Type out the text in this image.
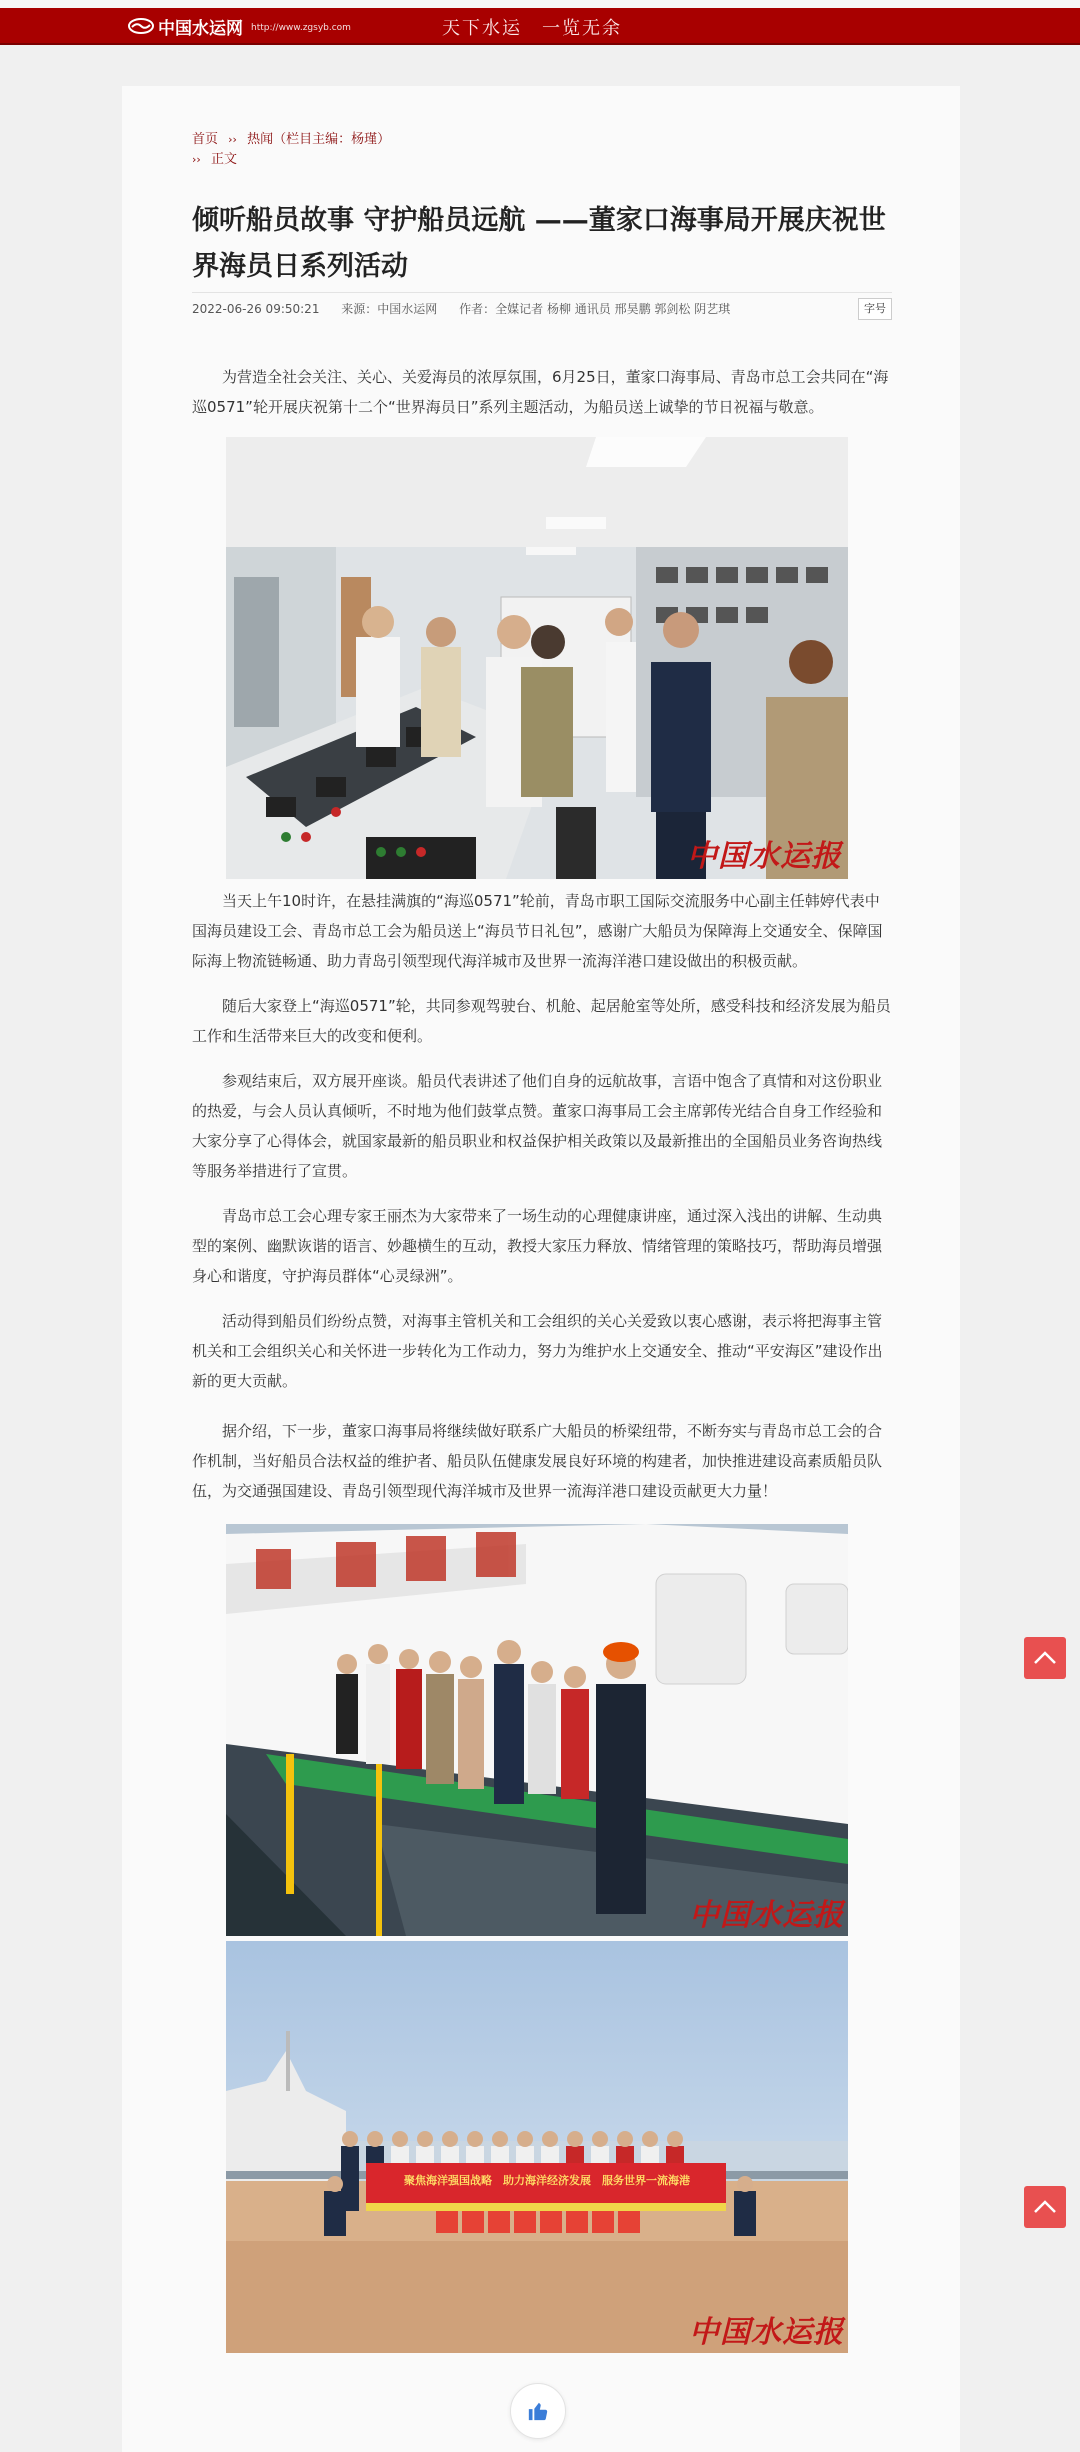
中国水运网 http://www.zgsyb.com	天下水运　一览无余
首页 ›› 热闻（栏目主编：杨瑾）
›› 正文
倾听船员故事 守护船员远航 ——董家口海事局开展庆祝世界海员日系列活动
2022-06-26 09:50:21 来源：中国水运网 作者：全媒记者 杨柳 通讯员 邢昊鹏 郭剑松 阴艺琪	字号

为营造全社会关注、关心、关爱海员的浓厚氛围，6月25日，董家口海事局、青岛市总工会共同在“海巡0571”轮开展庆祝第十二个“世界海员日”系列主题活动，为船员送上诚挚的节日祝福与敬意。

中国水运报

当天上午10时许，在悬挂满旗的“海巡0571”轮前，青岛市职工国际交流服务中心副主任韩婷代表中国海员建设工会、青岛市总工会为船员送上“海员节日礼包”，感谢广大船员为保障海上交通安全、保障国际海上物流链畅通、助力青岛引领型现代海洋城市及世界一流海洋港口建设做出的积极贡献。

随后大家登上“海巡0571”轮，共同参观驾驶台、机舱、起居舱室等处所，感受科技和经济发展为船员工作和生活带来巨大的改变和便利。

参观结束后，双方展开座谈。船员代表讲述了他们自身的远航故事，言语中饱含了真情和对这份职业的热爱，与会人员认真倾听，不时地为他们鼓掌点赞。董家口海事局工会主席郭传光结合自身工作经验和大家分享了心得体会，就国家最新的船员职业和权益保护相关政策以及最新推出的全国船员业务咨询热线等服务举措进行了宣贯。

青岛市总工会心理专家王丽杰为大家带来了一场生动的心理健康讲座，通过深入浅出的讲解、生动典型的案例、幽默诙谐的语言、妙趣横生的互动，教授大家压力释放、情绪管理的策略技巧，帮助海员增强身心和谐度，守护海员群体“心灵绿洲”。

活动得到船员们纷纷点赞，对海事主管机关和工会组织的关心关爱致以衷心感谢，表示将把海事主管机关和工会组织关心和关怀进一步转化为工作动力，努力为维护水上交通安全、推动“平安海区”建设作出新的更大贡献。

据介绍，下一步，董家口海事局将继续做好联系广大船员的桥梁纽带，不断夯实与青岛市总工会的合作机制，当好船员合法权益的维护者、船员队伍健康发展良好环境的构建者，加快推进建设高素质船员队伍，为交通强国建设、青岛引领型现代海洋城市及世界一流海洋港口建设贡献更大力量！

中国水运报
聚焦海洋强国战略　助力海洋经济发展　服务世界一流海港
中国水运报
